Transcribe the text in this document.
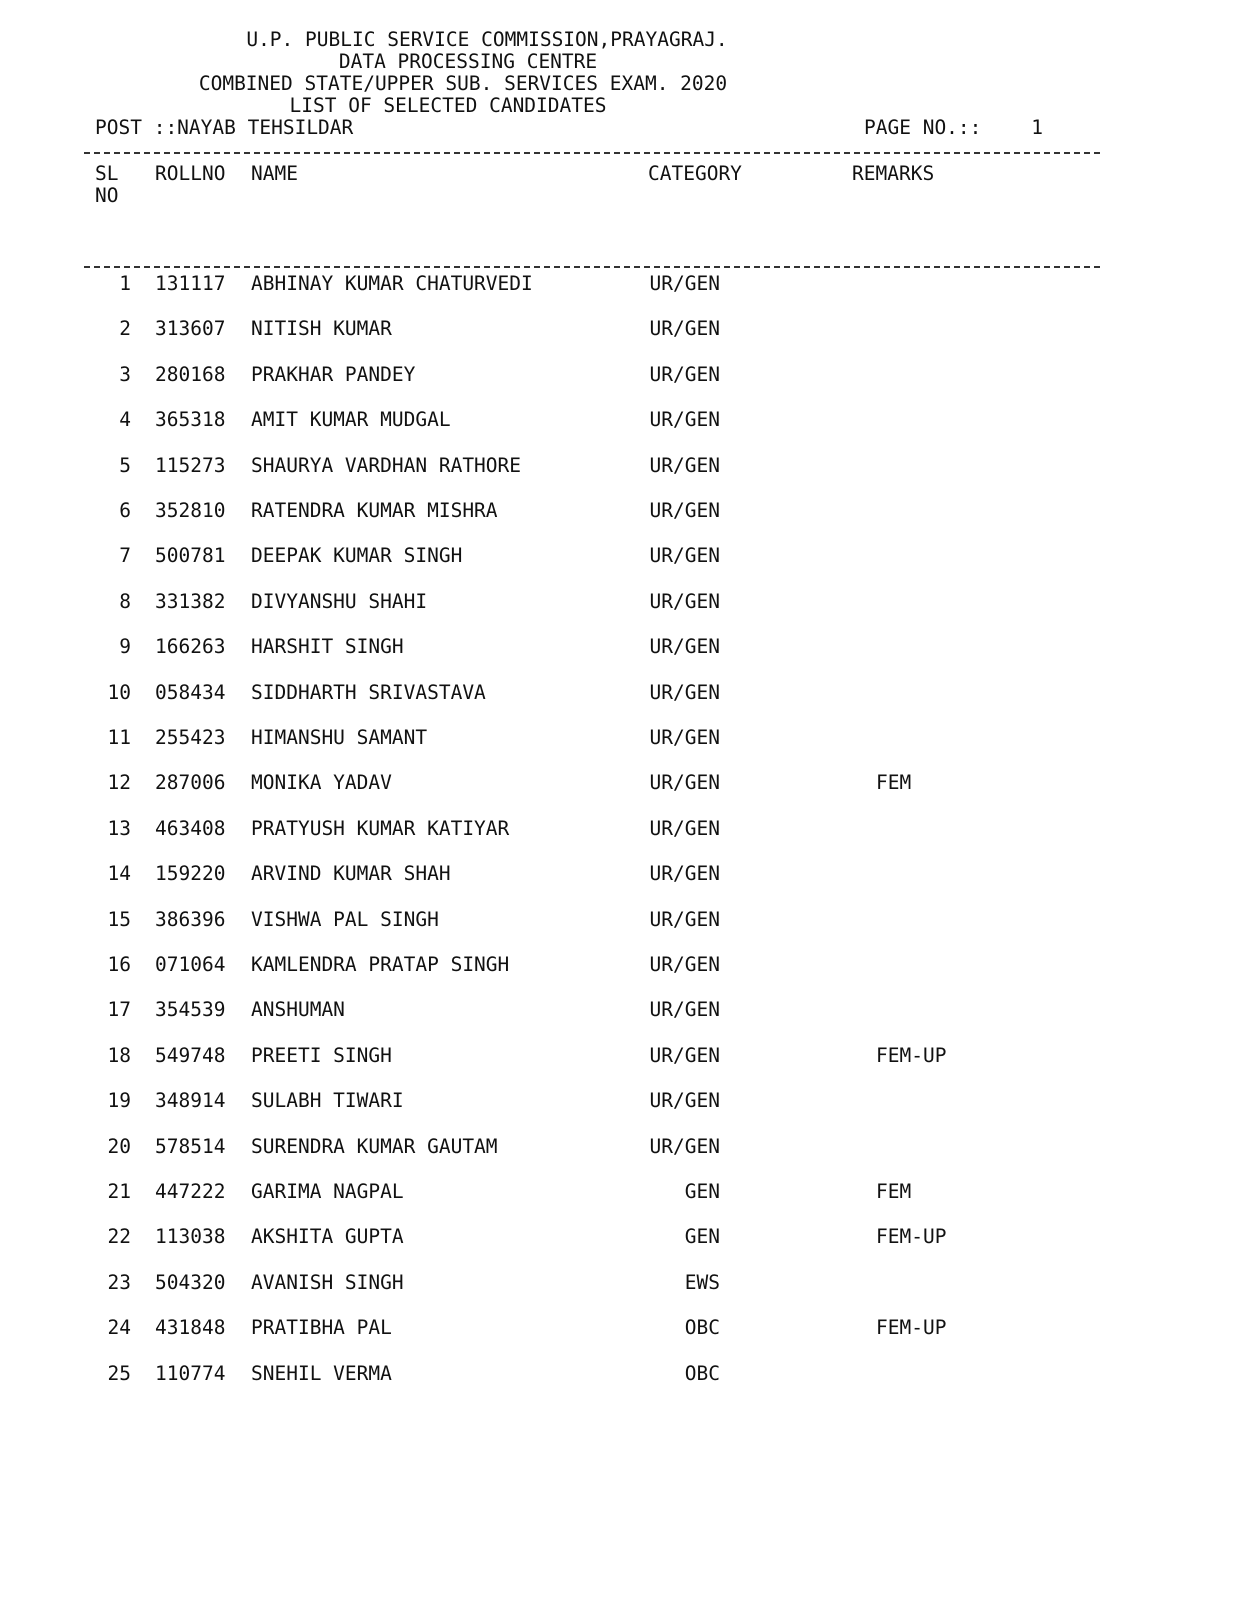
U.P. PUBLIC SERVICE COMMISSION,PRAYAGRAJ.
DATA PROCESSING CENTRE
COMBINED STATE/UPPER SUB. SERVICES EXAM. 2020
LIST OF SELECTED CANDIDATES
POST ::NAYAB TEHSILDAR	PAGE NO.::	1
SL
NO
ROLLNO NAME	CATEGORY	REMARKS
1 131117 ABHINAY KUMAR CHATURVEDI	UR/GEN
2 313607 NITISH KUMAR	UR/GEN
3 280168 PRAKHAR PANDEY	UR/GEN
4 365318 AMIT KUMAR MUDGAL	UR/GEN
5 115273 SHAURYA VARDHAN RATHORE	UR/GEN
6 352810 RATENDRA KUMAR MISHRA	UR/GEN
7 500781 DEEPAK KUMAR SINGH	UR/GEN
8 331382 DIVYANSHU SHAHI	UR/GEN
9 166263 HARSHIT SINGH	UR/GEN
10 058434 SIDDHARTH SRIVASTAVA	UR/GEN
11 255423 HIMANSHU SAMANT	UR/GEN
12 287006 MONIKA YADAV	UR/GEN	FEM
13 463408 PRATYUSH KUMAR KATIYAR	UR/GEN
14 159220 ARVIND KUMAR SHAH	UR/GEN
15 386396 VISHWA PAL SINGH	UR/GEN
16 071064 KAMLENDRA PRATAP SINGH	UR/GEN
17 354539 ANSHUMAN	UR/GEN
18 549748 PREETI SINGH	UR/GEN	FEM-UP
19 348914 SULABH TIWARI	UR/GEN
20 578514 SURENDRA KUMAR GAUTAM	UR/GEN
21 447222 GARIMA NAGPAL	GEN	FEM
22 113038 AKSHITA GUPTA	GEN	FEM-UP
23 504320 AVANISH SINGH	EWS
24 431848 PRATIBHA PAL	OBC	FEM-UP
25 110774 SNEHIL VERMA	OBC
